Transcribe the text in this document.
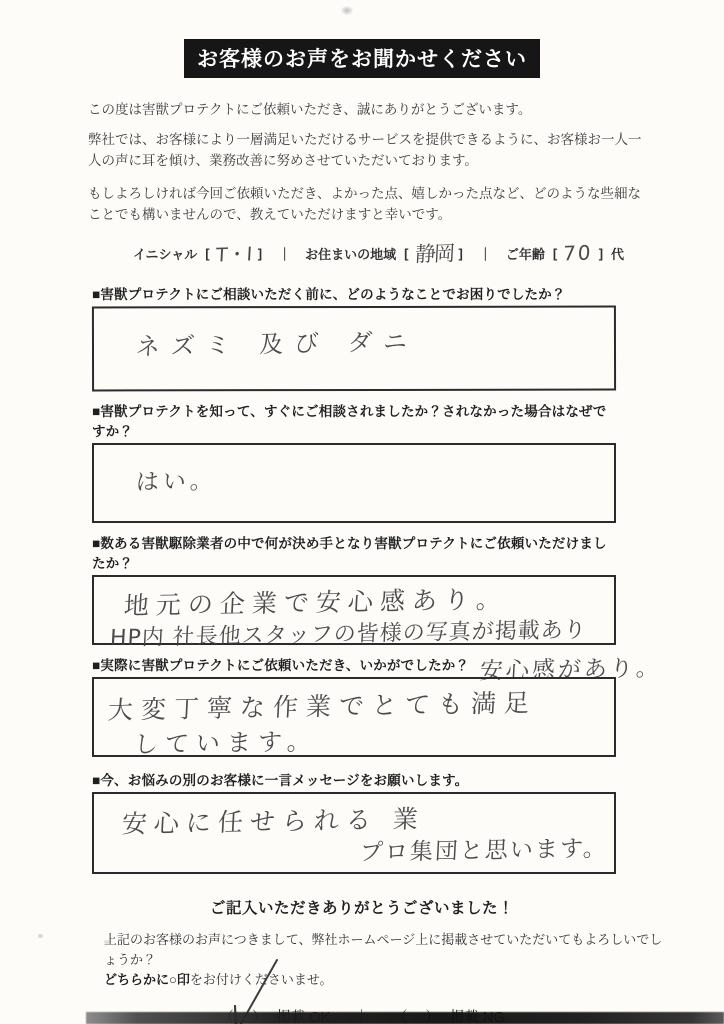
お客様のお声をお聞かせください

この度は害獣プロテクトにご依頼いただき、誠にありがとうございます。

弊社では、お客様により一層満足いただけるサービスを提供できるように、お客様お一人一人の声に耳を傾け、業務改善に努めさせていただいております。

もしよろしければ今回ご依頼いただき、よかった点、嬉しかった点など、どのような些細なことでも構いませんので、教えていただけますと幸いです。

イニシャル [ T・I ]	｜	お住まいの地域 [ 静岡 ]	｜	ご年齢 [ 70 ] 代
■害獣プロテクトにご相談いただく前に、どのようなことでお困りでしたか？
ネズミ 及び ダニ
■害獣プロテクトを知って、すぐにご相談されましたか？されなかった場合はなぜですか？
はい。
■数ある害獣駆除業者の中で何が決め手となり害獣プロテクトにご依頼いただけましたか？
地元の企業で安心感あり。
HP内 社長他スタッフの皆様の写真が掲載あり
安心感があり。
■実際に害獣プロテクトにご依頼いただき、いかがでしたか？
大変丁寧な作業でとても満足
しています。
■今、お悩みの別のお客様に一言メッセージをお願いします。
安心に任せられる 業
プロ集団と思います。
ご記入いただきありがとうございました！
上記のお客様のお声につきまして、弊社ホームページ上に掲載させていただいてもよろしいでしょうか？
どちらかに○印をお付けくださいませ。
